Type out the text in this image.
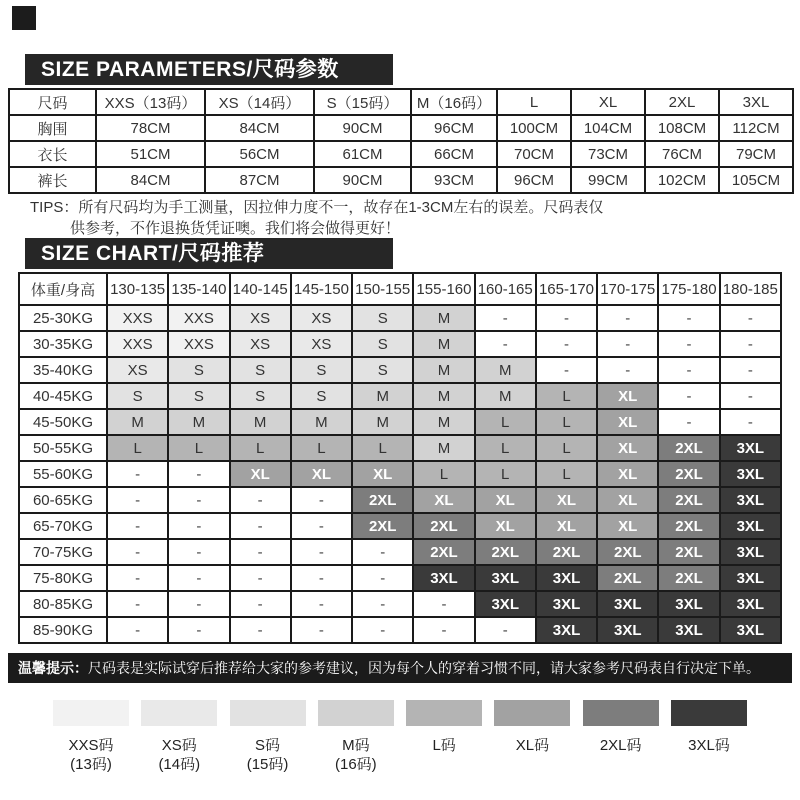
SIZE PARAMETERS/尺码参数
尺码	XXS（13码）	XS（14码）	S（15码）	M（16码）	L	XL	2XL	3XL
胸围	78CM	84CM	90CM	96CM	100CM	104CM	108CM	112CM
衣长	51CM	56CM	61CM	66CM	70CM	73CM	76CM	79CM
裤长	84CM	87CM	90CM	93CM	96CM	99CM	102CM	105CM
TIPS：所有尺码均为手工测量，因拉伸力度不一，故存在1-3CM左右的误差。尺码表仅
供参考，不作退换货凭证噢。我们将会做得更好！
SIZE CHART/尺码推荐
体重/身高	130-135	135-140	140-145	145-150	150-155	155-160	160-165	165-170	170-175	175-180	180-185
25-30KG	XXS	XXS	XS	XS	S	M	-	-	-	-	-
30-35KG	XXS	XXS	XS	XS	S	M	-	-	-	-	-
35-40KG	XS	S	S	S	S	M	M	-	-	-	-
40-45KG	S	S	S	S	M	M	M	L	XL	-	-
45-50KG	M	M	M	M	M	M	L	L	XL	-	-
50-55KG	L	L	L	L	L	M	L	L	XL	2XL	3XL
55-60KG	-	-	XL	XL	XL	L	L	L	XL	2XL	3XL
60-65KG	-	-	-	-	2XL	XL	XL	XL	XL	2XL	3XL
65-70KG	-	-	-	-	2XL	2XL	XL	XL	XL	2XL	3XL
70-75KG	-	-	-	-	-	2XL	2XL	2XL	2XL	2XL	3XL
75-80KG	-	-	-	-	-	3XL	3XL	3XL	2XL	2XL	3XL
80-85KG	-	-	-	-	-	-	3XL	3XL	3XL	3XL	3XL
85-90KG	-	-	-	-	-	-	-	3XL	3XL	3XL	3XL
温馨提示：尺码表是实际试穿后推荐给大家的参考建议，因为每个人的穿着习惯不同，请大家参考尺码表自行决定下单。
XXS码
(13码)
XS码
(14码)
S码
(15码)
M码
(16码)
L码	XL码	2XL码	3XL码
